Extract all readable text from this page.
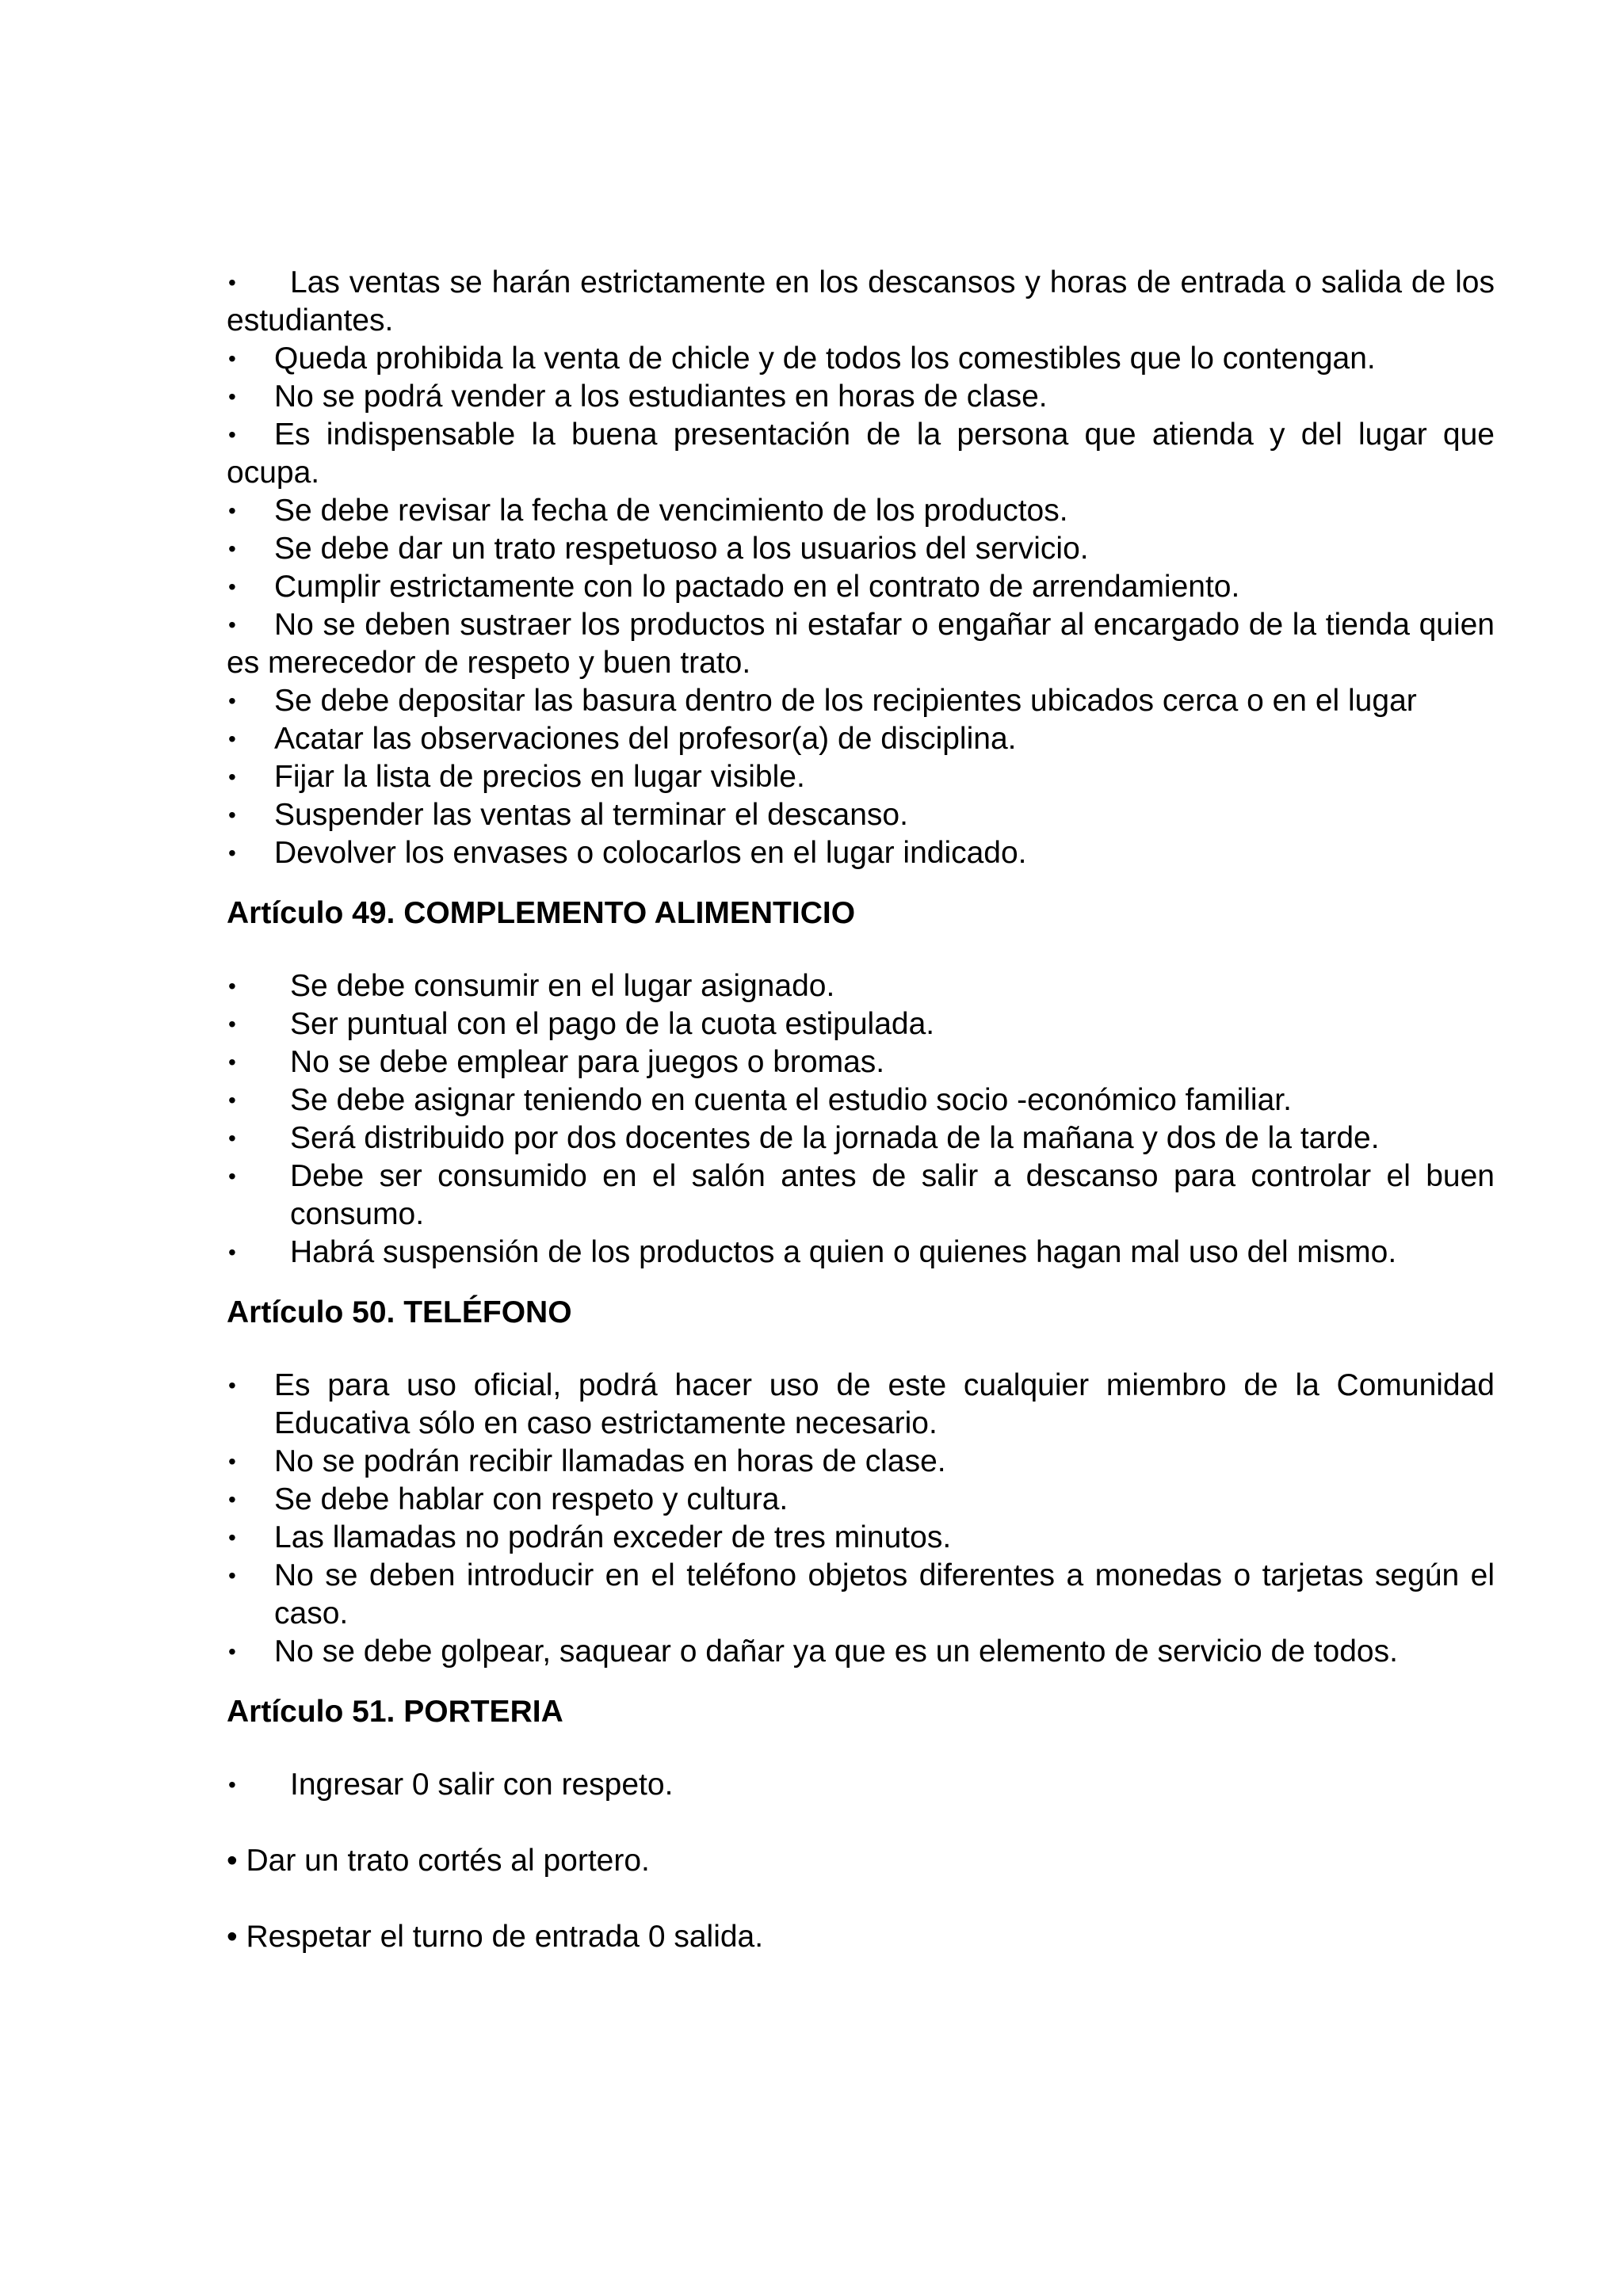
• Las ventas se harán estrictamente en los descansos y horas de entrada o salida de los estudiantes.
• Queda prohibida la venta de chicle y de todos los comestibles que lo contengan.
• No se podrá vender a los estudiantes en horas de clase.
• Es indispensable la buena presentación de la persona que atienda y del lugar que ocupa.
• Se debe revisar la fecha de vencimiento de los productos.
• Se debe dar un trato respetuoso a los usuarios del servicio.
• Cumplir estrictamente con lo pactado en el contrato de arrendamiento.
• No se deben sustraer los productos ni estafar o engañar al encargado de la tienda quien es merecedor de respeto y buen trato.
• Se debe depositar las basura dentro de los recipientes ubicados cerca o en el lugar
• Acatar las observaciones del profesor(a) de disciplina.
• Fijar la lista de precios en lugar visible.
• Suspender las ventas al terminar el descanso.
• Devolver los envases o colocarlos en el lugar indicado.
Artículo 49. COMPLEMENTO ALIMENTICIO
• Se debe consumir en el lugar asignado.
• Ser puntual con el pago de la cuota estipulada.
• No se debe emplear para juegos o bromas.
• Se debe asignar teniendo en cuenta el estudio socio -económico familiar.
• Será distribuido por dos docentes de la jornada de la mañana y dos de la tarde.
• Debe ser consumido en el salón antes de salir a descanso para controlar el buen consumo.
• Habrá suspensión de los productos a quien o quienes hagan mal uso del mismo.
Artículo 50. TELÉFONO
• Es para uso oficial, podrá hacer uso de este cualquier miembro de la Comunidad Educativa sólo en caso estrictamente necesario.
• No se podrán recibir llamadas en horas de clase.
• Se debe hablar con respeto y cultura.
• Las llamadas no podrán exceder de tres minutos.
• No se deben introducir en el teléfono objetos diferentes a monedas o tarjetas según el caso.
• No se debe golpear, saquear o dañar ya que es un elemento de servicio de todos.
Artículo 51. PORTERIA
• Ingresar 0 salir con respeto.
• Dar un trato cortés al portero.
• Respetar el turno de entrada 0 salida.
